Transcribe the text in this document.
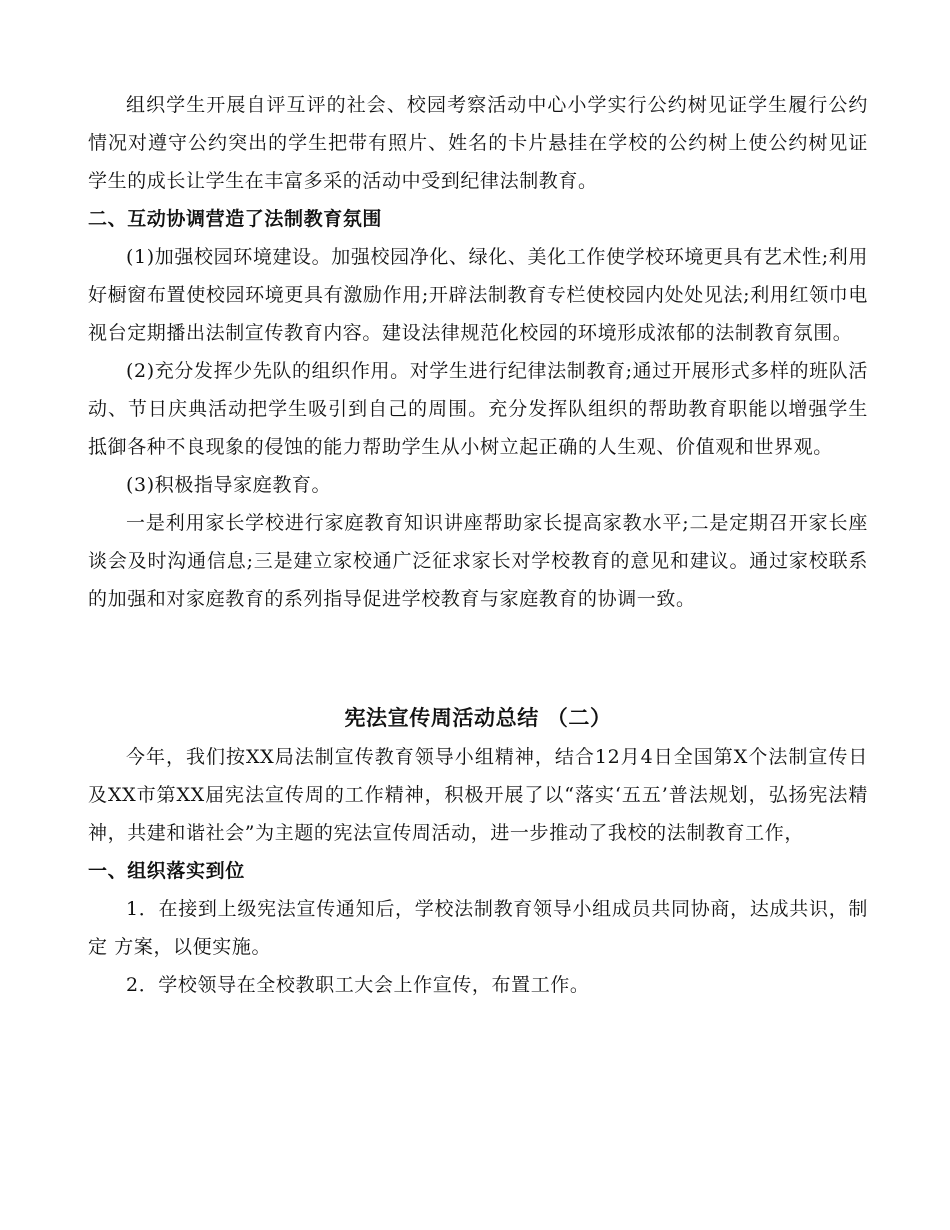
组织学生开展自评互评的社会、校园考察活动中心小学实行公约树见证学生履行公约情况对遵守公约突出的学生把带有照片、姓名的卡片悬挂在学校的公约树上使公约树见证学生的成长让学生在丰富多采的活动中受到纪律法制教育。

二、互动协调营造了法制教育氛围

(1)加强校园环境建设。加强校园净化、绿化、美化工作使学校环境更具有艺术性;利用好橱窗布置使校园环境更具有激励作用;开辟法制教育专栏使校园内处处见法;利用红领巾电视台定期播出法制宣传教育内容。建设法律规范化校园的环境形成浓郁的法制教育氛围。

(2)充分发挥少先队的组织作用。对学生进行纪律法制教育;通过开展形式多样的班队活动、节日庆典活动把学生吸引到自己的周围。充分发挥队组织的帮助教育职能以增强学生抵御各种不良现象的侵蚀的能力帮助学生从小树立起正确的人生观、价值观和世界观。

(3)积极指导家庭教育。

一是利用家长学校进行家庭教育知识讲座帮助家长提高家教水平;二是定期召开家长座谈会及时沟通信息;三是建立家校通广泛征求家长对学校教育的意见和建议。通过家校联系的加强和对家庭教育的系列指导促进学校教育与家庭教育的协调一致。

宪法宣传周活动总结 （二）

今年，我们按XX局法制宣传教育领导小组精神，结合12月4日全国第X个法制宣传日及XX市第XX届宪法宣传周的工作精神，积极开展了以“落实‘五五’普法规划，弘扬宪法精神，共建和谐社会”为主题的宪法宣传周活动，进一步推动了我校的法制教育工作，

一、组织落实到位

1．在接到上级宪法宣传通知后，学校法制教育领导小组成员共同协商，达成共识，制定 方案，以便实施。

2．学校领导在全校教职工大会上作宣传，布置工作。
